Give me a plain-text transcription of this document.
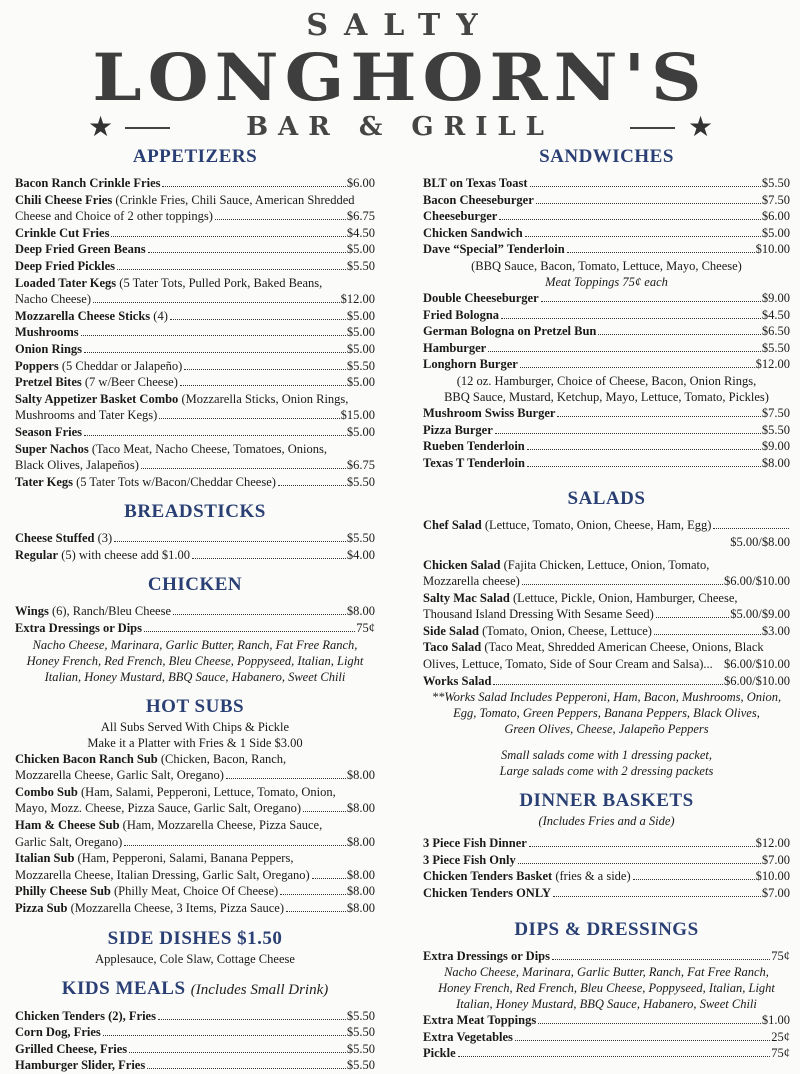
SALTY
LONGHORN'S
★	★
BAR & GRILL
APPETIZERS
Bacon Ranch Crinkle Fries	$6.00
Chili Cheese Fries (Crinkle Fries, Chili Sauce, American Shredded
Cheese and Choice of 2 other toppings)	$6.75
Crinkle Cut Fries	$4.50
Deep Fried Green Beans	$5.00
Deep Fried Pickles	$5.50
Loaded Tater Kegs (5 Tater Tots, Pulled Pork, Baked Beans,
Nacho Cheese)	$12.00
Mozzarella Cheese Sticks (4)	$5.00
Mushrooms	$5.00
Onion Rings	$5.00
Poppers (5 Cheddar or Jalapeño)	$5.50
Pretzel Bites (7 w/Beer Cheese)	$5.00
Salty Appetizer Basket Combo (Mozzarella Sticks, Onion Rings,
Mushrooms and Tater Kegs)	$15.00
Season Fries	$5.00
Super Nachos (Taco Meat, Nacho Cheese, Tomatoes, Onions,
Black Olives, Jalapeños)	$6.75
Tater Kegs (5 Tater Tots w/Bacon/Cheddar Cheese)	$5.50
BREADSTICKS
Cheese Stuffed (3)	$5.50
Regular (5) with cheese add $1.00	$4.00
CHICKEN
Wings (6), Ranch/Bleu Cheese	$8.00
Extra Dressings or Dips	75¢
Nacho Cheese, Marinara, Garlic Butter, Ranch, Fat Free Ranch,
Honey French, Red French, Bleu Cheese, Poppyseed, Italian, Light
Italian, Honey Mustard, BBQ Sauce, Habanero, Sweet Chili
HOT SUBS
All Subs Served With Chips & Pickle
Make it a Platter with Fries & 1 Side $3.00
Chicken Bacon Ranch Sub (Chicken, Bacon, Ranch,
Mozzarella Cheese, Garlic Salt, Oregano)	$8.00
Combo Sub (Ham, Salami, Pepperoni, Lettuce, Tomato, Onion,
Mayo, Mozz. Cheese, Pizza Sauce, Garlic Salt, Oregano)	$8.00
Ham & Cheese Sub (Ham, Mozzarella Cheese, Pizza Sauce,
Garlic Salt, Oregano)	$8.00
Italian Sub (Ham, Pepperoni, Salami, Banana Peppers,
Mozzarella Cheese, Italian Dressing, Garlic Salt, Oregano)	$8.00
Philly Cheese Sub (Philly Meat, Choice Of Cheese)	$8.00
Pizza Sub (Mozzarella Cheese, 3 Items, Pizza Sauce)	$8.00
SIDE DISHES $1.50
Applesauce, Cole Slaw, Cottage Cheese
KIDS MEALS (Includes Small Drink)
Chicken Tenders (2), Fries	$5.50
Corn Dog, Fries	$5.50
Grilled Cheese, Fries	$5.50
Hamburger Slider, Fries	$5.50
SANDWICHES
BLT on Texas Toast	$5.50
Bacon Cheeseburger	$7.50
Cheeseburger	$6.00
Chicken Sandwich	$5.00
Dave “Special” Tenderloin	$10.00
(BBQ Sauce, Bacon, Tomato, Lettuce, Mayo, Cheese)
Meat Toppings 75¢ each
Double Cheeseburger	$9.00
Fried Bologna	$4.50
German Bologna on Pretzel Bun	$6.50
Hamburger	$5.50
Longhorn Burger	$12.00
(12 oz. Hamburger, Choice of Cheese, Bacon, Onion Rings,
BBQ Sauce, Mustard, Ketchup, Mayo, Lettuce, Tomato, Pickles)
Mushroom Swiss Burger	$7.50
Pizza Burger	$5.50
Rueben Tenderloin	$9.00
Texas T Tenderloin	$8.00
SALADS
Chef Salad (Lettuce, Tomato, Onion, Cheese, Ham, Egg)
$5.00/$8.00
Chicken Salad (Fajita Chicken, Lettuce, Onion, Tomato,
Mozzarella cheese)	$6.00/$10.00
Salty Mac Salad (Lettuce, Pickle, Onion, Hamburger, Cheese,
Thousand Island Dressing With Sesame Seed)	$5.00/$9.00
Side Salad (Tomato, Onion, Cheese, Lettuce)	$3.00
Taco Salad (Taco Meat, Shredded American Cheese, Onions, Black
Olives, Lettuce, Tomato, Side of Sour Cream and Salsa)... $6.00/$10.00
Works Salad	$6.00/$10.00
**Works Salad Includes Pepperoni, Ham, Bacon, Mushrooms, Onion,
Egg, Tomato, Green Peppers, Banana Peppers, Black Olives,
Green Olives, Cheese, Jalapeño Peppers
Small salads come with 1 dressing packet,
Large salads come with 2 dressing packets
DINNER BASKETS
(Includes Fries and a Side)
3 Piece Fish Dinner	$12.00
3 Piece Fish Only	$7.00
Chicken Tenders Basket (fries & a side)	$10.00
Chicken Tenders ONLY	$7.00
DIPS & DRESSINGS
Extra Dressings or Dips	75¢
Nacho Cheese, Marinara, Garlic Butter, Ranch, Fat Free Ranch,
Honey French, Red French, Bleu Cheese, Poppyseed, Italian, Light
Italian, Honey Mustard, BBQ Sauce, Habanero, Sweet Chili
Extra Meat Toppings	$1.00
Extra Vegetables	25¢
Pickle	75¢
